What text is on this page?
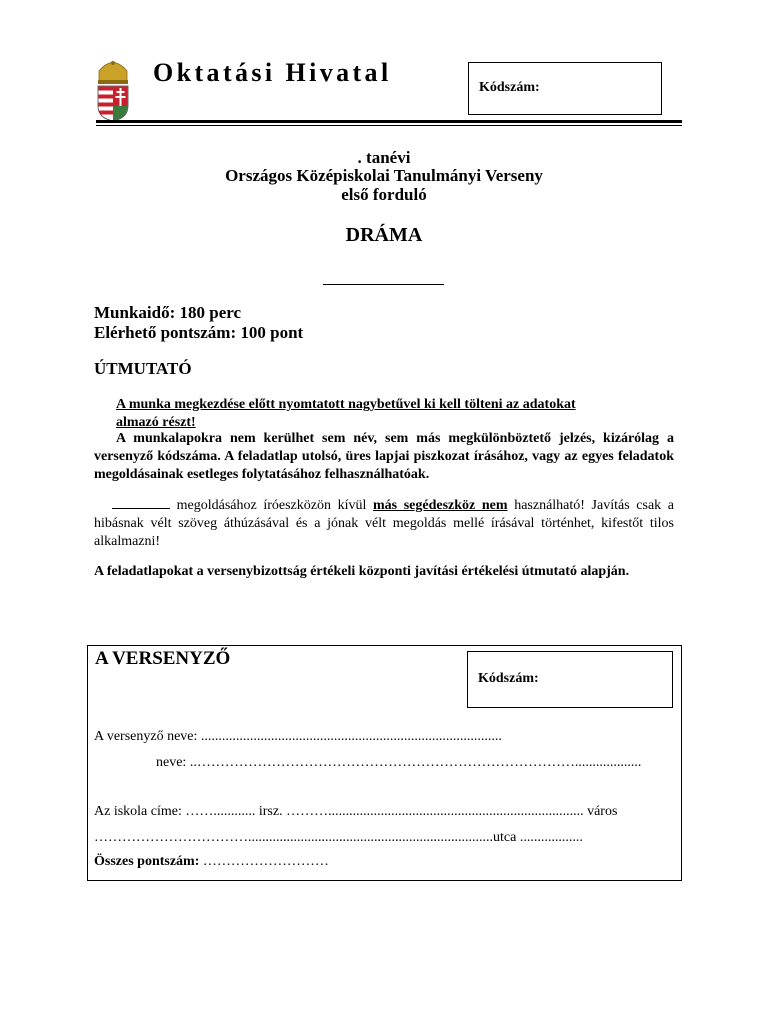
Oktatási Hivatal
Kódszám:
. tanévi
Országos Középiskolai Tanulmányi Verseny
első forduló
DRÁMA
Munkaidő: 180 perc
Elérhető pontszám: 100 pont
ÚTMUTATÓ
A munka megkezdése előtt nyomtatott nagybetűvel ki kell tölteni az adatokat
almazó részt!
A munkalapokra nem kerülhet sem név, sem más megkülönböztető jelzés, kizárólag a versenyző kódszáma. A feladatlap utolsó, üres lapjai piszkozat írásához, vagy az egyes feladatok megoldásainak esetleges folytatásához felhasználhatóak.
megoldásához íróeszközön kívül más segédeszköz nem használható! Javítás csak a hibásnak vélt szöveg áthúzásával és a jónak vélt megoldás mellé írásával történhet, kifestőt tilos alkalmazni!
A feladatlapokat a versenybizottság értékeli központi javítási értékelési útmutató alapján.
A VERSENYZŐ
Kódszám:
A versenyző neve: ......................................................................................
neve: ..………………………………………………………………………...................
Az iskola címe: ……............ irsz. ………......................................................................... város
……………………………......................................................................utca ..................
Összes pontszám: ………………………
